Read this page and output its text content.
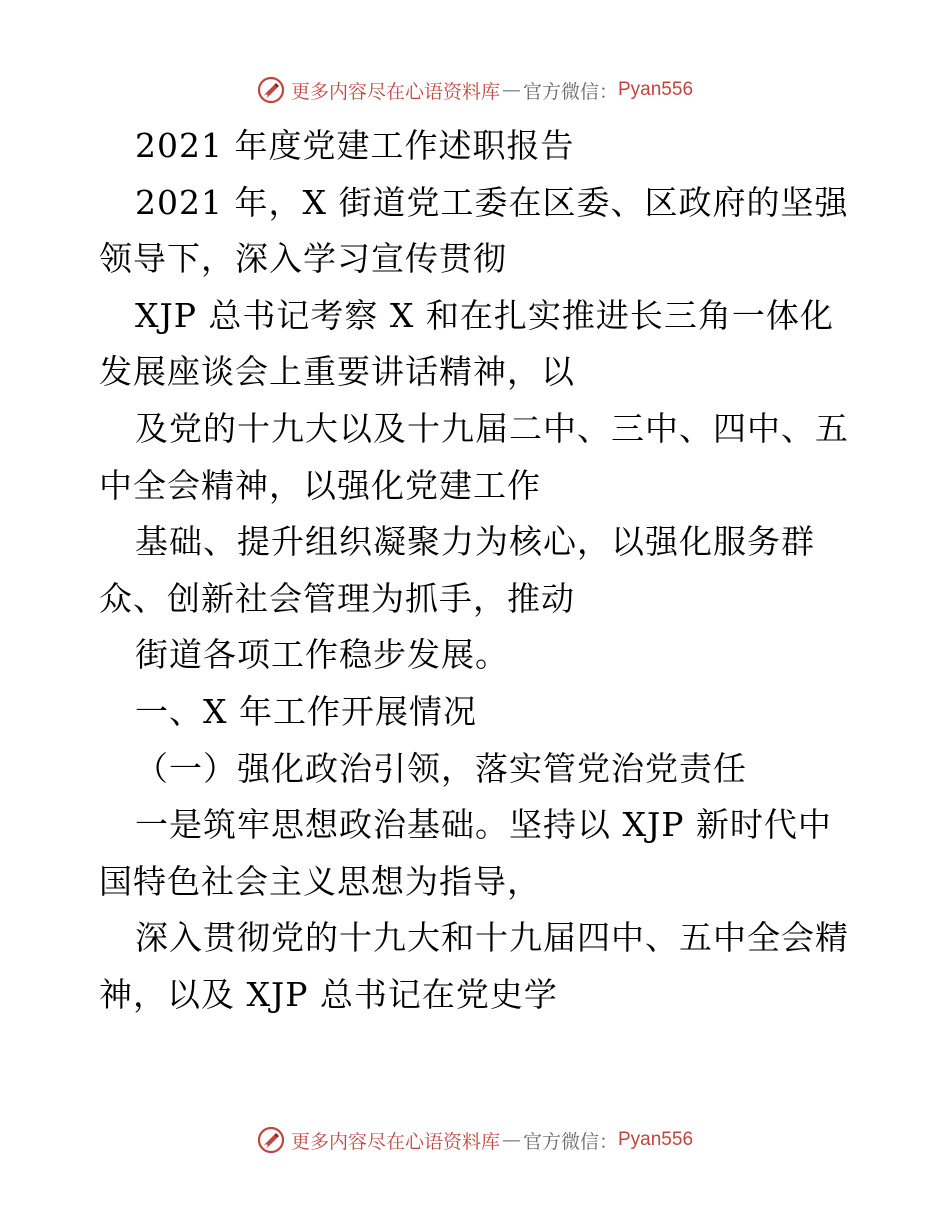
更多内容尽在心语资料库 — 官方微信： Pyan556
2021 年度党建工作述职报告
2021 年，X 街道党工委在区委、区政府的坚强
领导下，深入学习宣传贯彻
XJP 总书记考察 X 和在扎实推进长三角一体化
发展座谈会上重要讲话精神，以
及党的十九大以及十九届二中、三中、四中、五
中全会精神，以强化党建工作
基础、提升组织凝聚力为核心，以强化服务群
众、创新社会管理为抓手，推动
街道各项工作稳步发展。
一、X 年工作开展情况
（一）强化政治引领，落实管党治党责任
一是筑牢思想政治基础。坚持以 XJP 新时代中
国特色社会主义思想为指导，
深入贯彻党的十九大和十九届四中、五中全会精
神，以及 XJP 总书记在党史学
更多内容尽在心语资料库 — 官方微信： Pyan556
